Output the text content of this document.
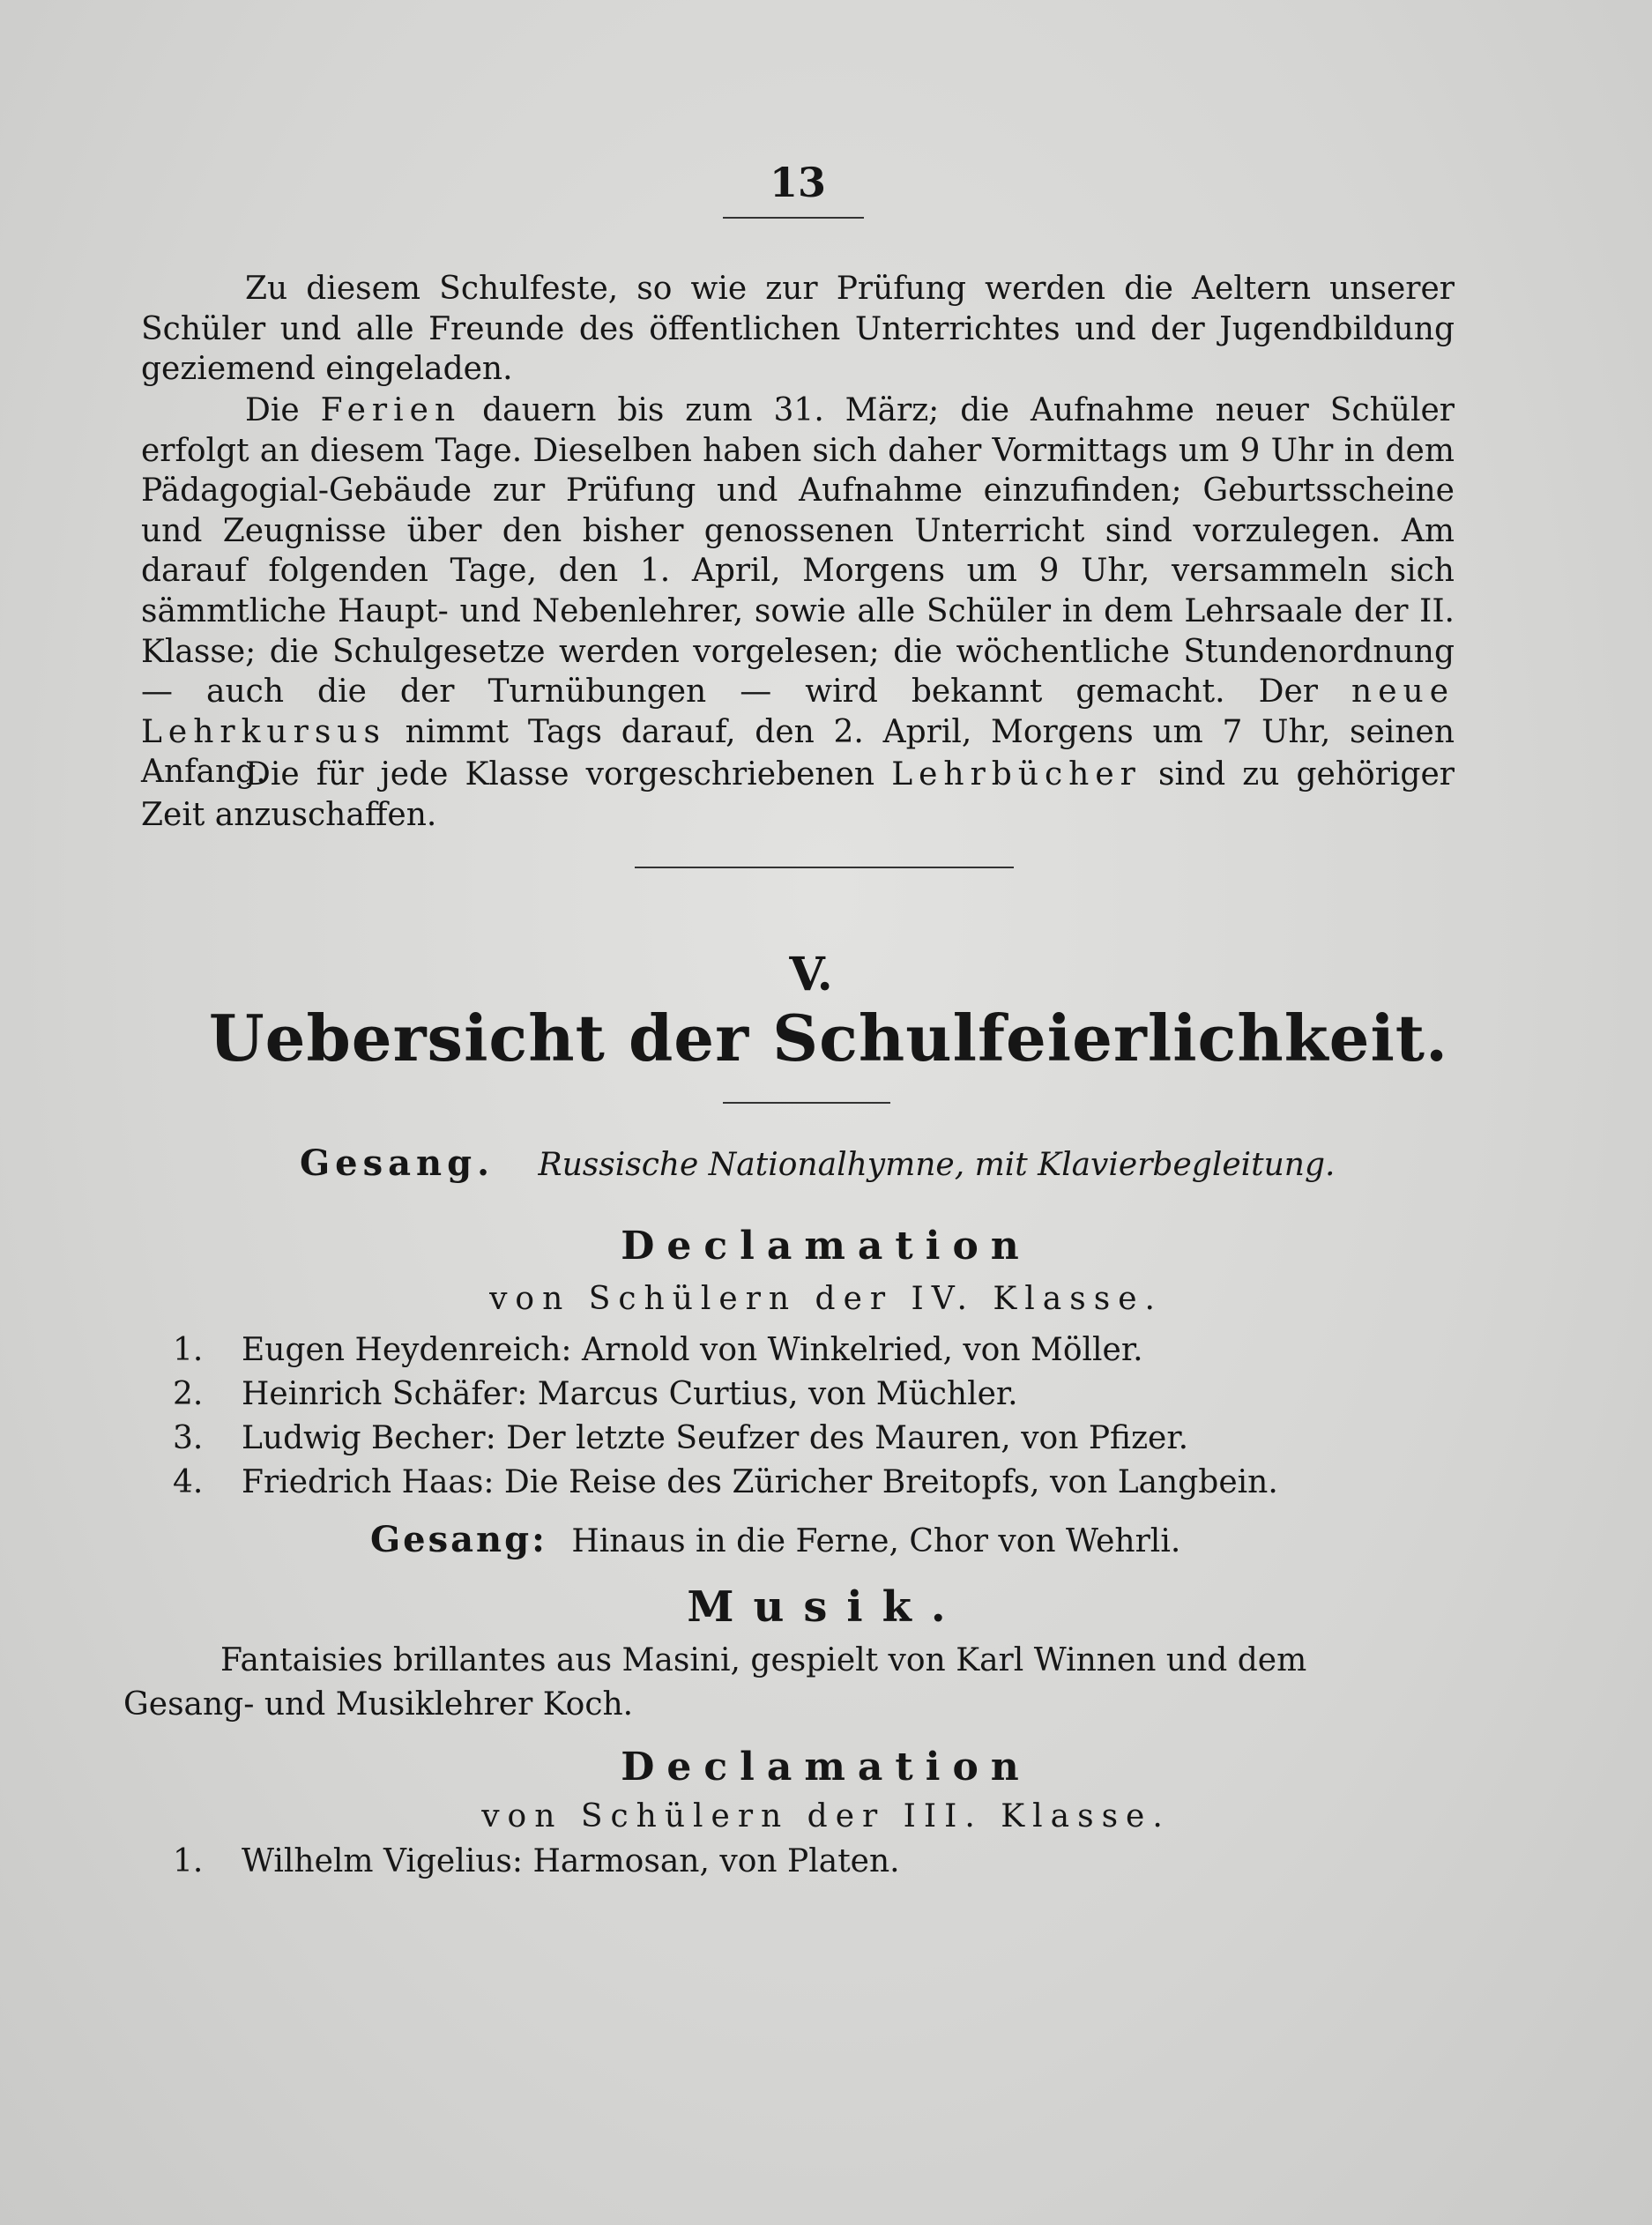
13
Zu diesem Schulfeste, so wie zur Prüfung werden die Aeltern unserer Schüler und alle Freunde des öffentlichen Unterrichtes und der Jugendbildung geziemend eingeladen.
Die Ferien dauern bis zum 31. März; die Aufnahme neuer Schüler erfolgt an diesem Tage. Dieselben haben sich daher Vormittags um 9 Uhr in dem Pädagogial-Gebäude zur Prüfung und Aufnahme einzufinden; Geburtsscheine und Zeugnisse über den bisher genossenen Unterricht sind vorzulegen. Am darauf folgenden Tage, den 1. April, Morgens um 9 Uhr, versammeln sich sämmtliche Haupt- und Nebenlehrer, sowie alle Schüler in dem Lehrsaale der II. Klasse; die Schulgesetze werden vorgelesen; die wöchentliche Stundenordnung — auch die der Turnübungen — wird bekannt gemacht. Der neue Lehrkursus nimmt Tags darauf, den 2. April, Morgens um 7 Uhr, seinen Anfang.
Die für jede Klasse vorgeschriebenen Lehrbücher sind zu gehöriger Zeit anzuschaffen.
V.
Uebersicht der Schulfeierlichkeit.
Gesang. Russische Nationalhymne, mit Klavierbegleitung.
Declamation
von Schülern der IV. Klasse.
1. Eugen Heydenreich: Arnold von Winkelried, von Möller.
2. Heinrich Schäfer: Marcus Curtius, von Müchler.
3. Ludwig Becher: Der letzte Seufzer des Mauren, von Pfizer.
4. Friedrich Haas: Die Reise des Züricher Breitopfs, von Langbein.
Gesang: Hinaus in die Ferne, Chor von Wehrli.
Musik.
Fantaisies brillantes aus Masini, gespielt von Karl Winnen und dem
Gesang- und Musiklehrer Koch.
Declamation
von Schülern der III. Klasse.
1. Wilhelm Vigelius: Harmosan, von Platen.
